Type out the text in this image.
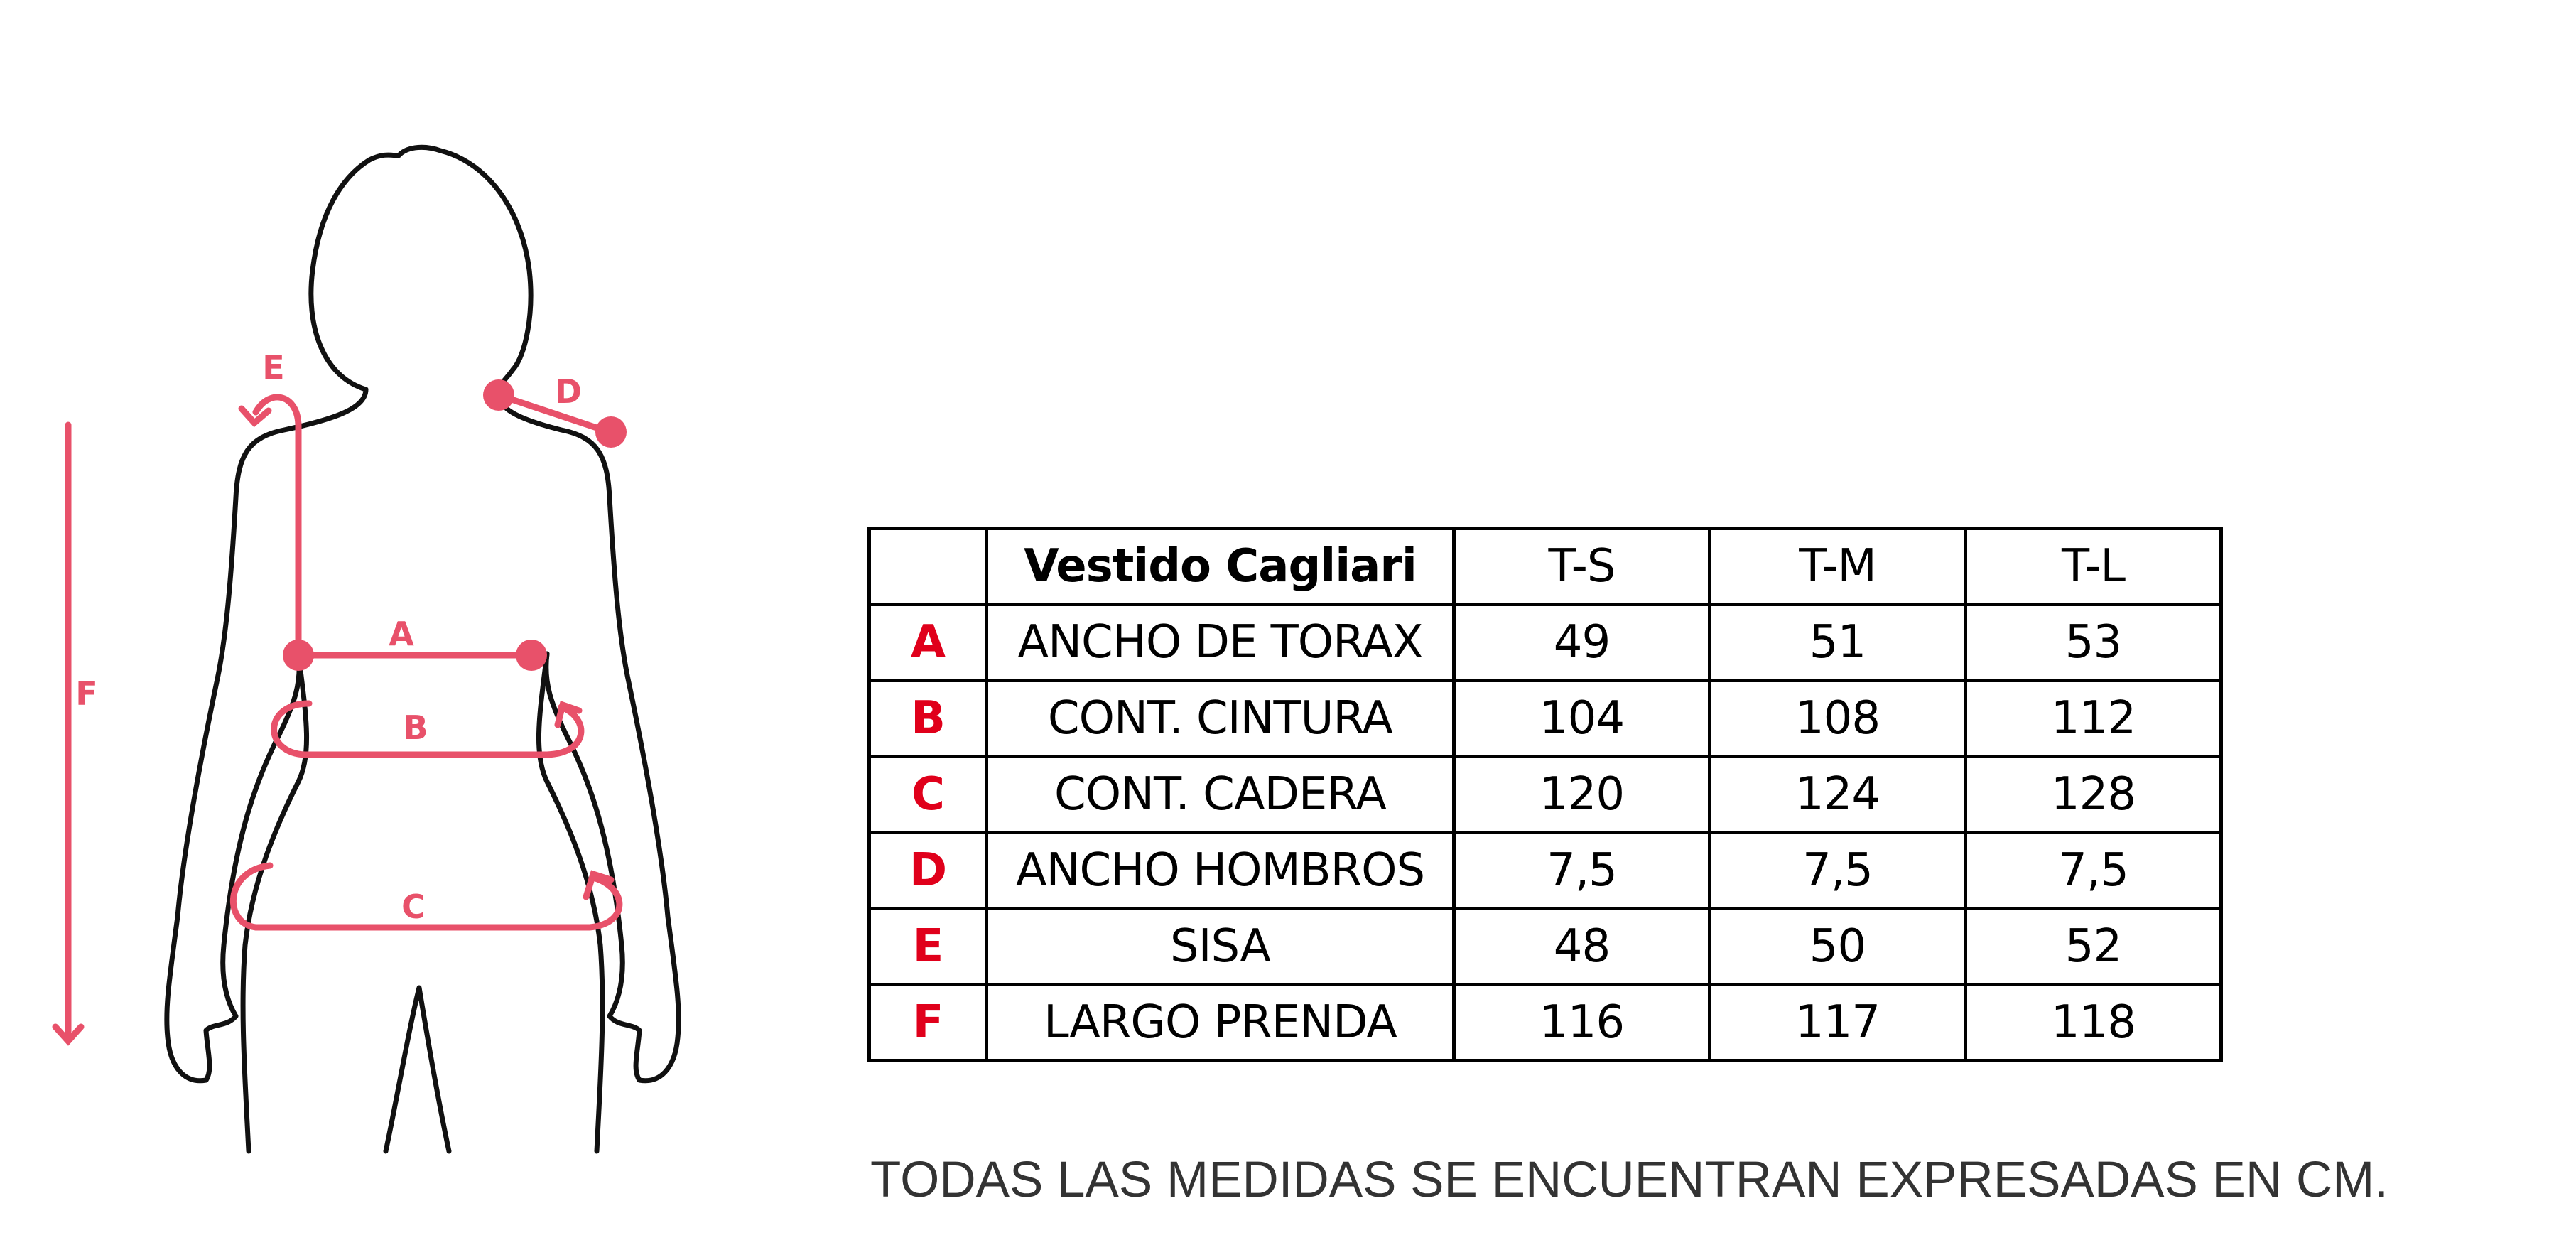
A
B
C
D
E
F
	Vestido Cagliari	T-S	T-M	T-L
A	ANCHO DE TORAX	49	51	53
B	CONT. CINTURA	104	108	112
C	CONT. CADERA	120	124	128
D	ANCHO HOMBROS	7,5	7,5	7,5
E	SISA	48	50	52
F	LARGO PRENDA	116	117	118
TODAS LAS MEDIDAS SE ENCUENTRAN EXPRESADAS EN CM.
